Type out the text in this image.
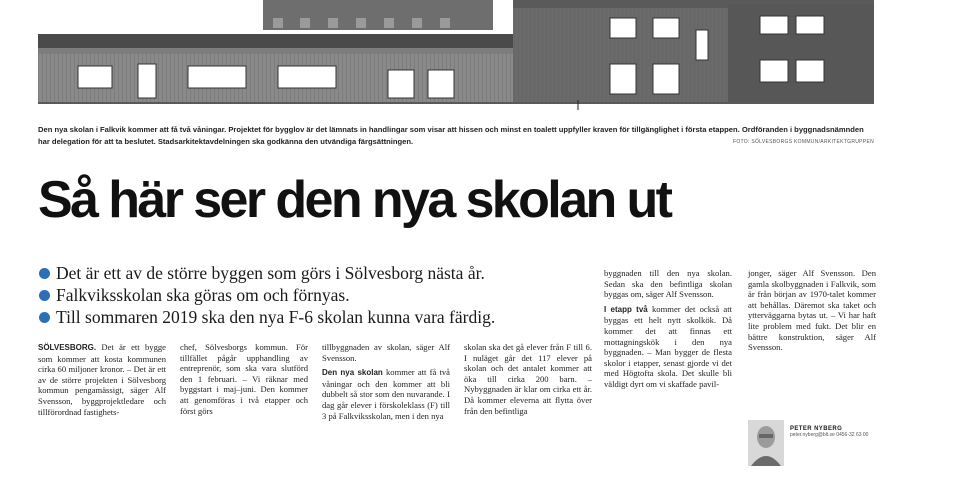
Den nya skolan i Falkvik kommer att få två våningar. Projektet för bygglov är det lämnats in handlingar som visar att hissen och minst en toalett uppfyller kraven för tillgänglighet i första etappen. Ordföranden i byggnadsnämnden har delegation för att ta beslutet. Stadsarkitektavdelningen ska godkänna den utvändiga färgsättningen.	FOTO: SÖLVESBORGS KOMMUN/ARKITEKTGRUPPEN
Så här ser den nya skolan ut
Det är ett av de större byggen som görs i Sölvesborg nästa år.
Falkviksskolan ska göras om och förnyas.
Till sommaren 2019 ska den nya F-6 skolan kunna vara färdig.

SÖLVESBORG. Det är ett bygge som kommer att kosta kommunen cirka 60 miljoner kronor. – Det är ett av de större projekten i Sölvesborg kommun pengamässigt, säger Alf Svensson, byggprojektledare och tillförordnad fastighets-

chef, Sölvesborgs kommun. För tillfället pågår upphandling av entreprenör, som ska vara slutförd den 1 februari. – Vi räknar med byggstart i maj–juni. Den kommer att genomföras i två etapper och först görs

tillbyggnaden av skolan, säger Alf Svensson.

Den nya skolan kommer att få två våningar och den kommer att bli dubbelt så stor som den nuvarande. I dag går elever i förskoleklass (F) till 3 på Falkviksskolan, men i den nya

skolan ska det gå elever från F till 6. I nuläget går det 117 elever på skolan och det antalet kommer att öka till cirka 200 barn. – Nybyggnaden är klar om cirka ett år. Då kommer eleverna att flytta över från den befintliga

byggnaden till den nya skolan. Sedan ska den befintliga skolan byggas om, säger Alf Svensson.

I etapp två kommer det också att byggas ett helt nytt skolkök. Då kommer det att finnas ett mottagningskök i den nya byggnaden. – Man bygger de flesta skolor i etapper, senast gjorde vi det med Högtofta skola. Det skulle bli väldigt dyrt om vi skaffade pavil-

jonger, säger Alf Svensson. Den gamla skolbyggnaden i Falkvik, som är från början av 1970-talet kommer att behållas. Däremot ska taket och ytterväggarna bytas ut. – Vi har haft lite problem med fukt. Det blir en bättre konstruktion, säger Alf Svensson.

PETER NYBERG
peter.nyberg@blt.se 0456-32 63 00
